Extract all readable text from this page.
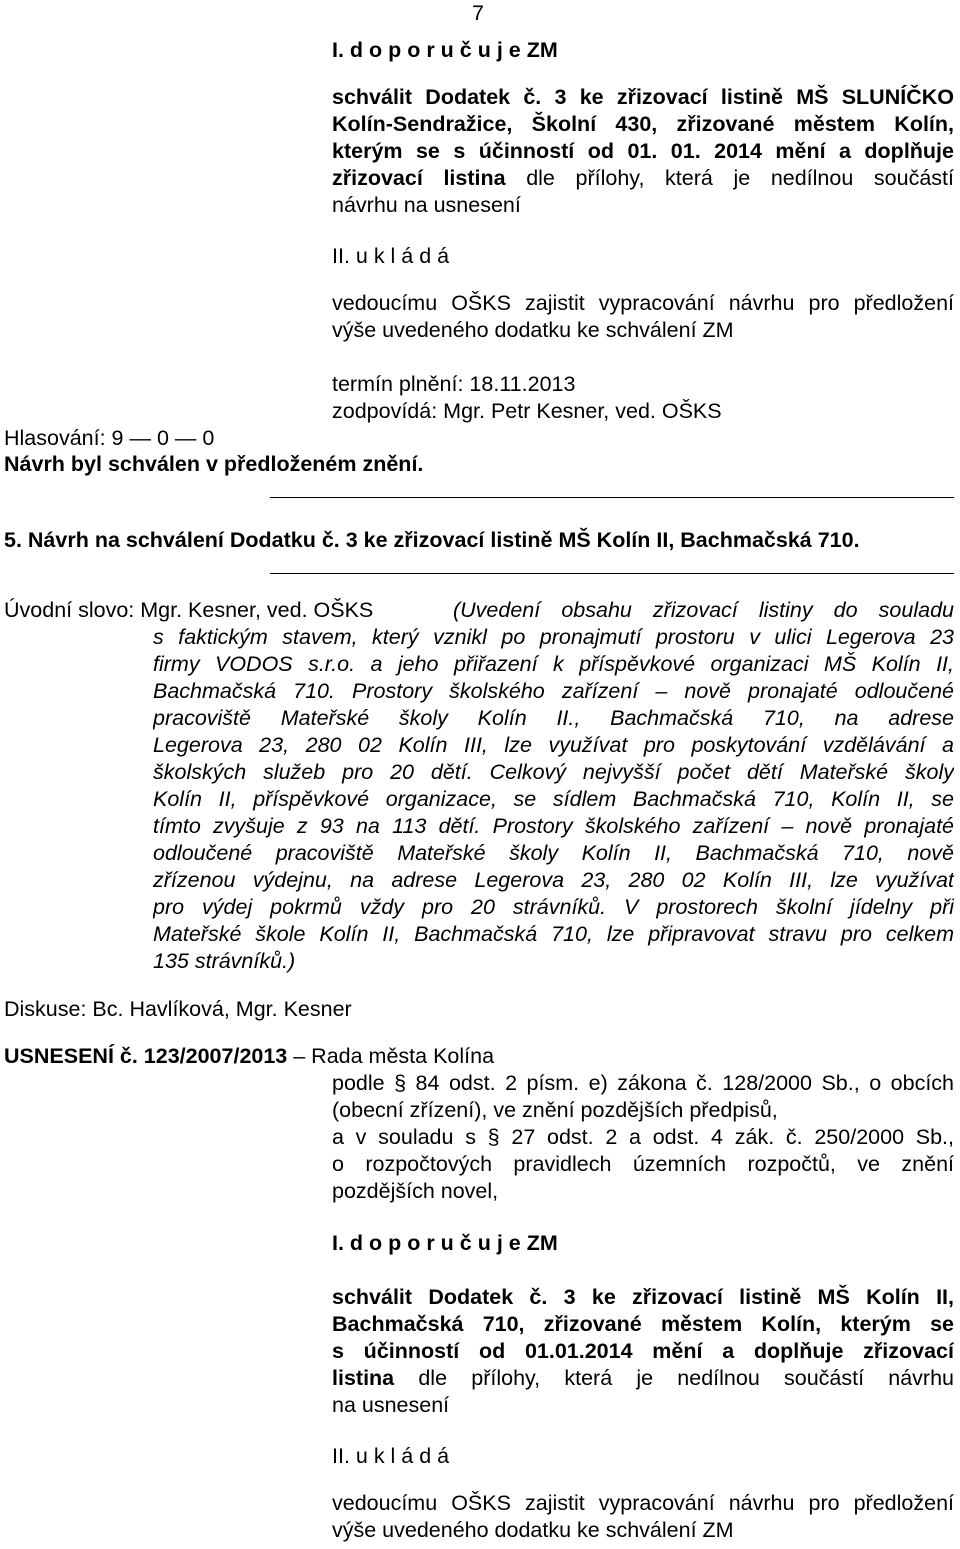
7
I. d o p o r u č u j e ZM
schválit Dodatek č. 3 ke zřizovací listině MŠ SLUNÍČKO
Kolín-Sendražice, Školní 430, zřizované městem Kolín,
kterým se s účinností od 01. 01. 2014 mění a doplňuje
zřizovací listina dle přílohy, která je nedílnou součástí
návrhu na usnesení
II. u k l á d á
vedoucímu OŠKS zajistit vypracování návrhu pro předložení
výše uvedeného dodatku ke schválení ZM
termín plnění: 18.11.2013
zodpovídá: Mgr. Petr Kesner, ved. OŠKS
Hlasování: 9 — 0 — 0
Návrh byl schválen v předloženém znění.
5. Návrh na schválení Dodatku č. 3 ke zřizovací listině MŠ Kolín II, Bachmačská 710.
Úvodní slovo: Mgr. Kesner, ved. OŠKS	(Uvedení obsahu zřizovací listiny do souladu
s faktickým stavem, který vznikl po pronajmutí prostoru v ulici Legerova 23
firmy VODOS s.r.o. a jeho přiřazení k příspěvkové organizaci MŠ Kolín II,
Bachmačská 710. Prostory školského zařízení – nově pronajaté odloučené
pracoviště Mateřské školy Kolín II., Bachmačská 710, na adrese
Legerova 23, 280 02 Kolín III, lze využívat pro poskytování vzdělávání a
školských služeb pro 20 dětí. Celkový nejvyšší počet dětí Mateřské školy
Kolín II, příspěvkové organizace, se sídlem Bachmačská 710, Kolín II, se
tímto zvyšuje z 93 na 113 dětí. Prostory školského zařízení – nově pronajaté
odloučené pracoviště Mateřské školy Kolín II, Bachmačská 710, nově
zřízenou výdejnu, na adrese Legerova 23, 280 02 Kolín III, lze využívat
pro výdej pokrmů vždy pro 20 strávníků. V prostorech školní jídelny při
Mateřské škole Kolín II, Bachmačská 710, lze připravovat stravu pro celkem
135 strávníků.)
Diskuse: Bc. Havlíková, Mgr. Kesner
USNESENÍ č. 123/2007/2013 – Rada města Kolína
podle § 84 odst. 2 písm. e) zákona č. 128/2000 Sb., o obcích
(obecní zřízení), ve znění pozdějších předpisů,
a v souladu s § 27 odst. 2 a odst. 4 zák. č. 250/2000 Sb.,
o rozpočtových pravidlech územních rozpočtů, ve znění
pozdějších novel,
I. d o p o r u č u j e ZM
schválit Dodatek č. 3 ke zřizovací listině MŠ Kolín II,
Bachmačská 710, zřizované městem Kolín, kterým se
s účinností od 01.01.2014 mění a doplňuje zřizovací
listina dle přílohy, která je nedílnou součástí návrhu
na usnesení
II. u k l á d á
vedoucímu OŠKS zajistit vypracování návrhu pro předložení
výše uvedeného dodatku ke schválení ZM
